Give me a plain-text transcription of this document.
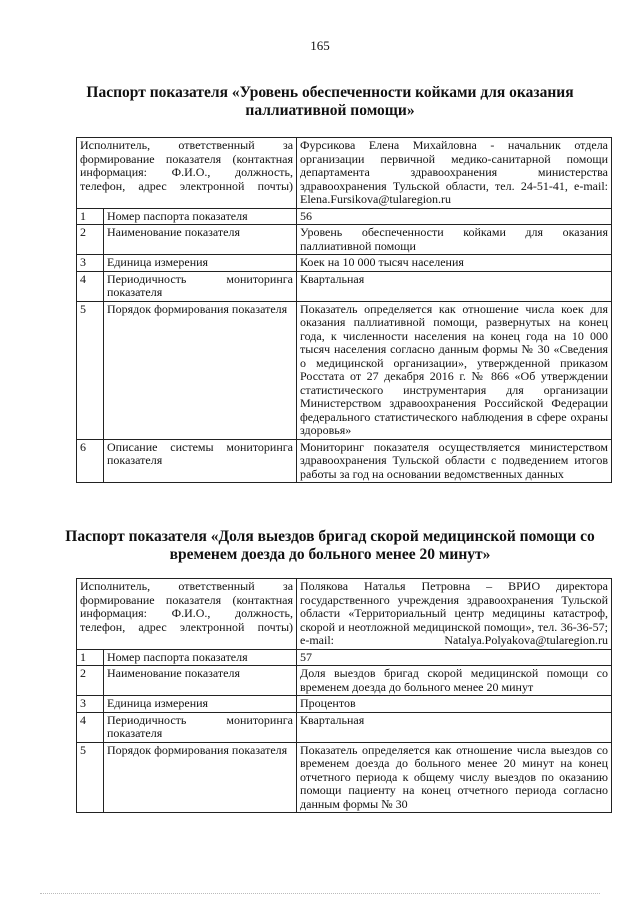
165
Паспорт показателя «Уровень обеспеченности койками для оказания паллиативной помощи»
Исполнитель, ответственный за формирование показателя (контактная информация: Ф.И.О., должность, телефон, адрес электронной почты)		Фурсикова Елена Михайловна - начальник отдела организации первичной медико-санитарной помощи департамента здравоохранения министерства здравоохранения Тульской области, тел. 24-51-41, e-mail: Elena.Fursikova@tularegion.ru
1	Номер паспорта показателя	56
2	Наименование показателя	Уровень обеспеченности койками для оказания паллиативной помощи
3	Единица измерения	Коек на 10 000 тысяч населения
4	Периодичность мониторинга показателя	Квартальная
5	Порядок формирования показателя	Показатель определяется как отношение числа коек для оказания паллиативной помощи, развернутых на конец года, к численности населения на конец года на 10 000 тысяч населения согласно данным формы № 30 «Сведения о медицинской организации», утвержденной приказом Росстата от 27 декабря 2016 г. № 866 «Об утверждении статистического инструментария для организации Министерством здравоохранения Российской Федерации федерального статистического наблюдения в сфере охраны здоровья»
6	Описание системы мониторинга показателя	Мониторинг показателя осуществляется министерством здравоохранения Тульской области с подведением итогов работы за год на основании ведомственных данных
Паспорт показателя «Доля выездов бригад скорой медицинской помощи со временем доезда до больного менее 20 минут»
Исполнитель, ответственный за формирование показателя (контактная информация: Ф.И.О., должность, телефон, адрес электронной почты)		Полякова Наталья Петровна – ВРИО директора государственного учреждения здравоохранения Тульской области «Территориальный центр медицины катастроф, скорой и неотложной медицинской помощи», тел. 36-36-57; e-mail: Natalya.Polyakova@tularegion.ru
1	Номер паспорта показателя	57
2	Наименование показателя	Доля выездов бригад скорой медицинской помощи со временем доезда до больного менее 20 минут
3	Единица измерения	Процентов
4	Периодичность мониторинга показателя	Квартальная
5	Порядок формирования показателя	Показатель определяется как отношение числа выездов со временем доезда до больного менее 20 минут на конец отчетного периода к общему числу выездов по оказанию помощи пациенту на конец отчетного периода согласно данным формы № 30
